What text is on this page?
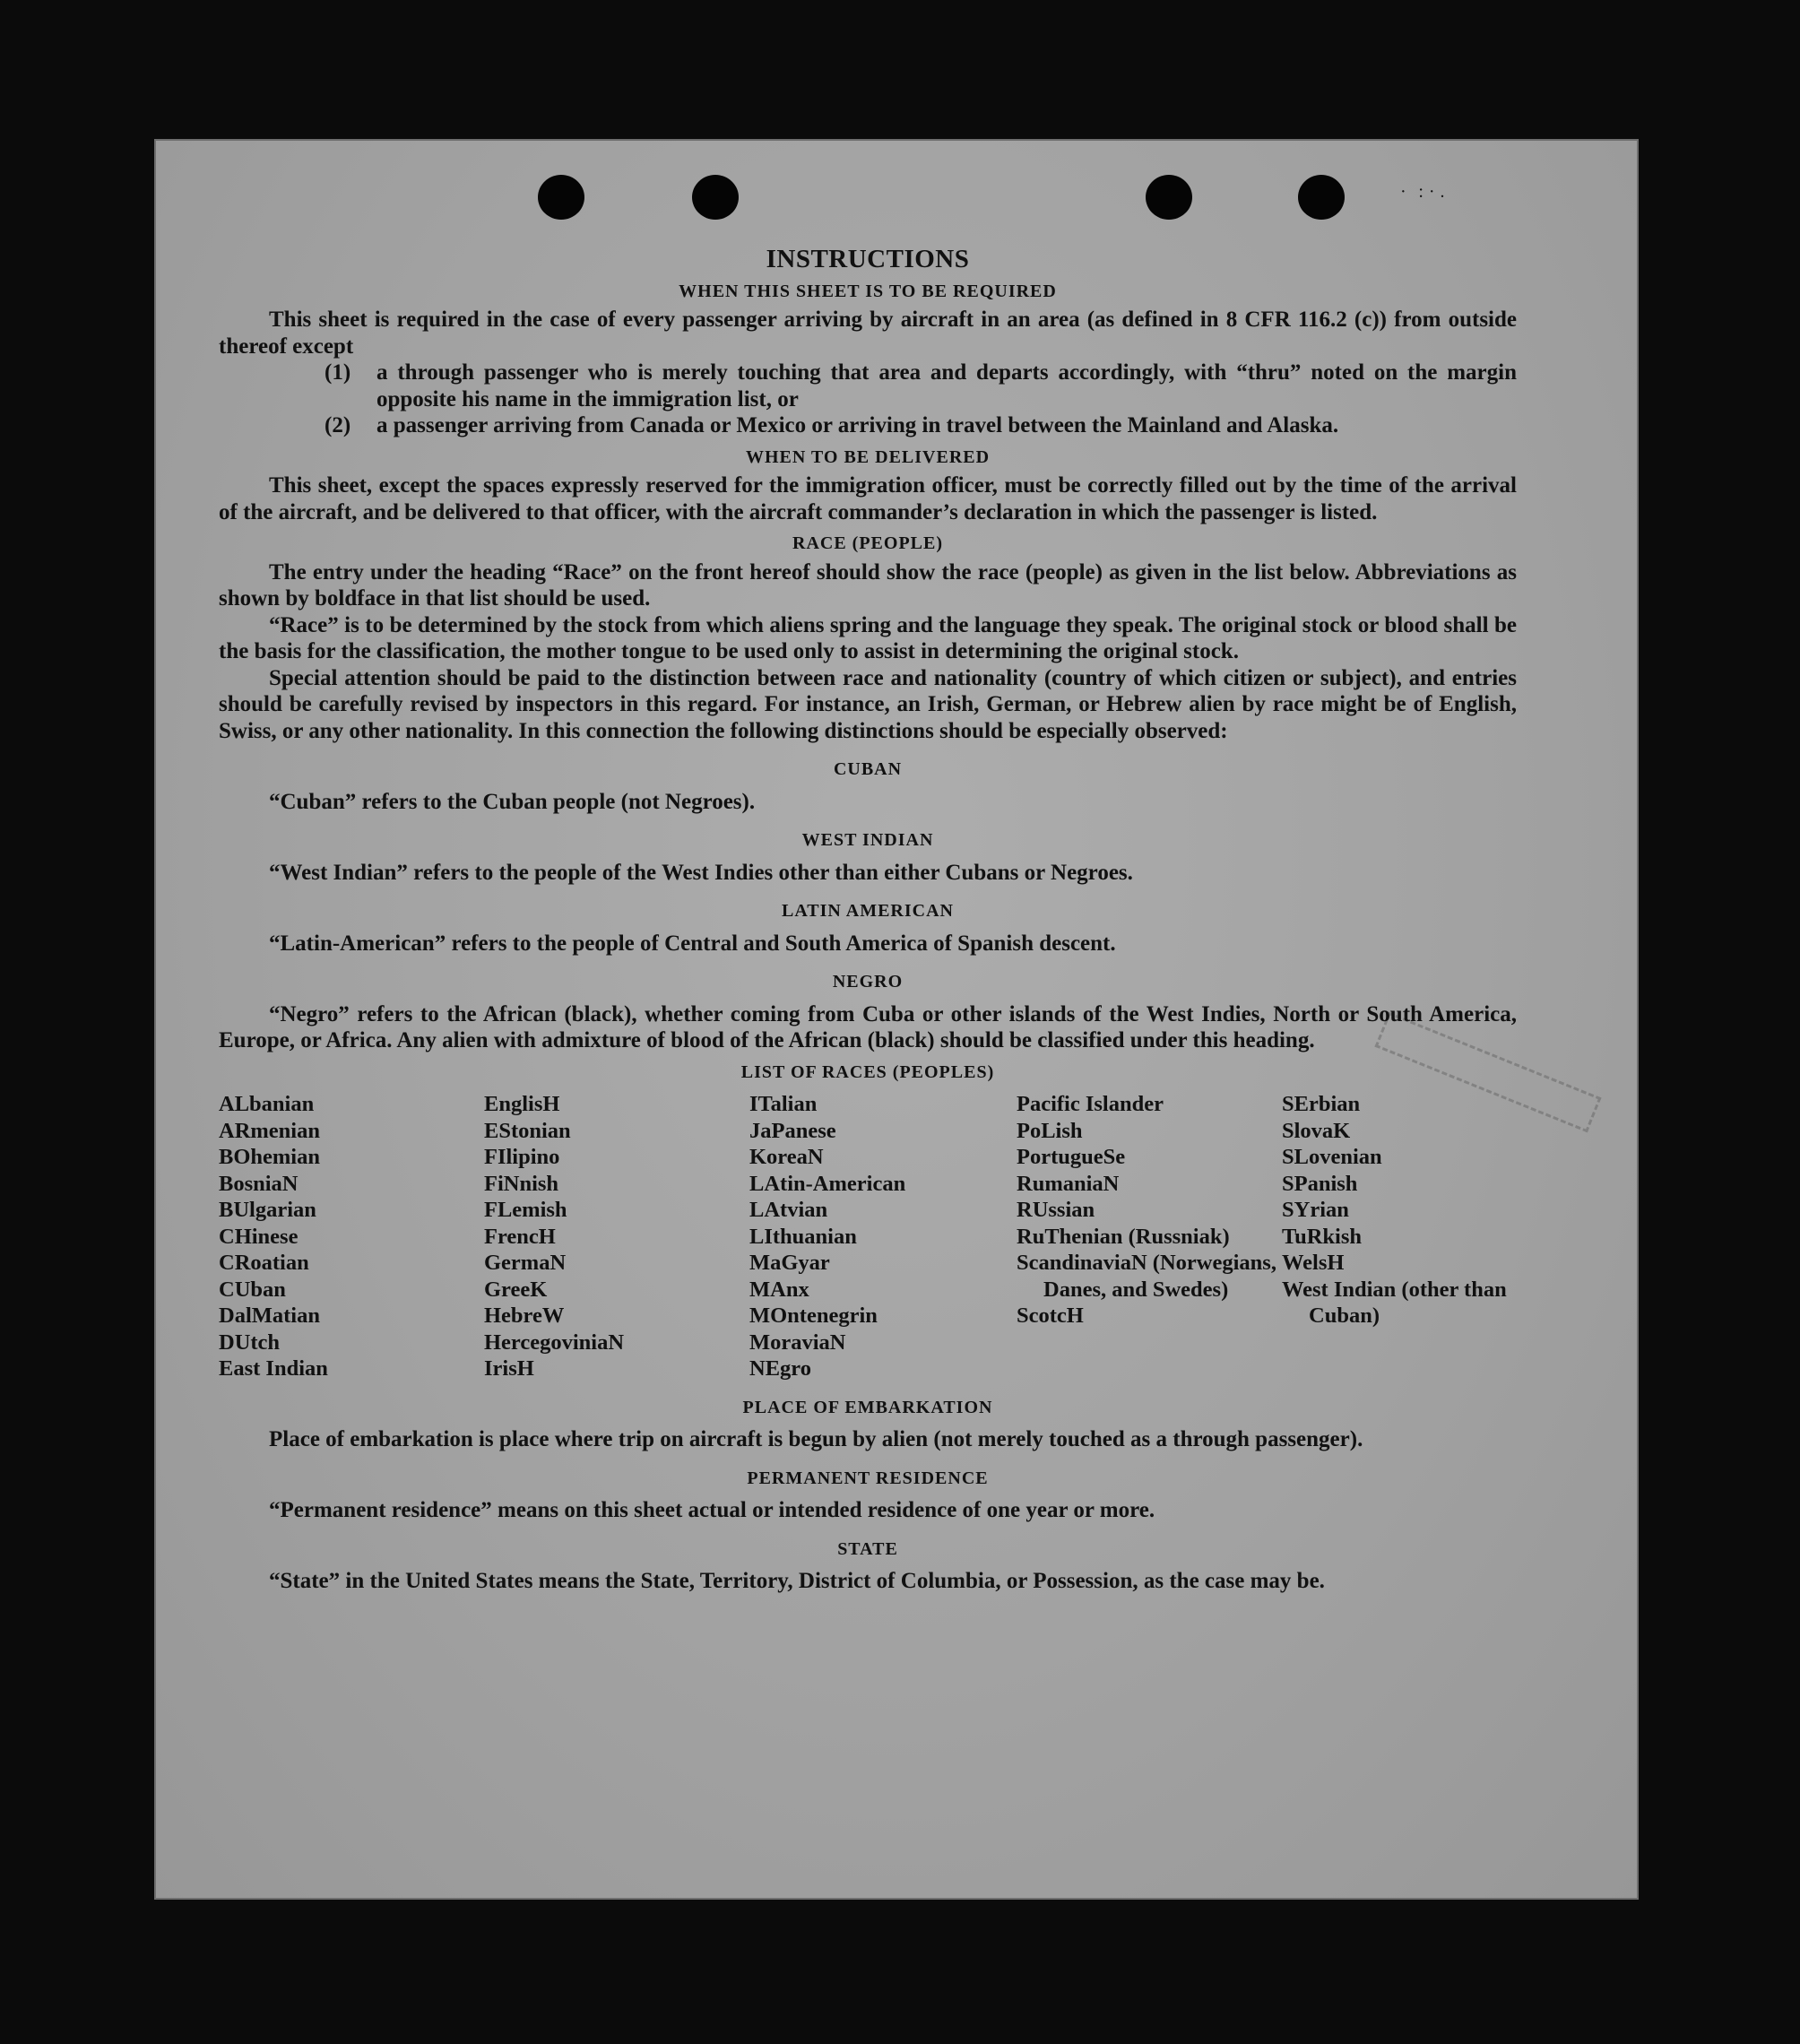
· :·.
INSTRUCTIONS
WHEN THIS SHEET IS TO BE REQUIRED

This sheet is required in the case of every passenger arriving by aircraft in an area (as defined in 8 CFR 116.2 (c)) from outside thereof except

(1)	a through passenger who is merely touching that area and departs accordingly, with “thru” noted on the margin opposite his name in the immigration list, or
(2)	a passenger arriving from Canada or Mexico or arriving in travel between the Mainland and Alaska.
WHEN TO BE DELIVERED

This sheet, except the spaces expressly reserved for the immigration officer, must be correctly filled out by the time of the arrival of the aircraft, and be delivered to that officer, with the aircraft commander’s declaration in which the passenger is listed.

RACE (PEOPLE)

The entry under the heading “Race” on the front hereof should show the race (people) as given in the list below. Abbreviations as shown by boldface in that list should be used.

“Race” is to be determined by the stock from which aliens spring and the language they speak. The original stock or blood shall be the basis for the classification, the mother tongue to be used only to assist in determining the original stock.

Special attention should be paid to the distinction between race and nationality (country of which citizen or subject), and entries should be carefully revised by inspectors in this regard. For instance, an Irish, German, or Hebrew alien by race might be of English, Swiss, or any other nationality. In this connection the following distinctions should be especially observed:

CUBAN

“Cuban” refers to the Cuban people (not Negroes).

WEST INDIAN

“West Indian” refers to the people of the West Indies other than either Cubans or Negroes.

LATIN AMERICAN

“Latin-American” refers to the people of Central and South America of Spanish descent.

NEGRO

“Negro” refers to the African (black), whether coming from Cuba or other islands of the West Indies, North or South America, Europe, or Africa. Any alien with admixture of blood of the African (black) should be classified under this heading.

LIST OF RACES (PEOPLES)
ALbanian
ARmenian
BOhemian
BosniaN
BUlgarian
CHinese
CRoatian
CUban
DalMatian
DUtch
East Indian
EnglisH
EStonian
FIlipino
FiNnish
FLemish
FrencH
GermaN
GreeK
HebreW
HercegoviniaN
IrisH
ITalian
JaPanese
KoreaN
LAtin-American
LAtvian
LIthuanian
MaGyar
MAnx
MOntenegrin
MoraviaN
NEgro
Pacific Islander
PoLish
PortugueSe
RumaniaN
RUssian
RuThenian (Russniak)
ScandinaviaN (Norwegians, Danes, and Swedes)
ScotcH
SErbian
SlovaK
SLovenian
SPanish
SYrian
TuRkish
WelsH
West Indian (other than Cuban)
PLACE OF EMBARKATION

Place of embarkation is place where trip on aircraft is begun by alien (not merely touched as a through passenger).

PERMANENT RESIDENCE

“Permanent residence” means on this sheet actual or intended residence of one year or more.

STATE

“State” in the United States means the State, Territory, District of Columbia, or Possession, as the case may be.
